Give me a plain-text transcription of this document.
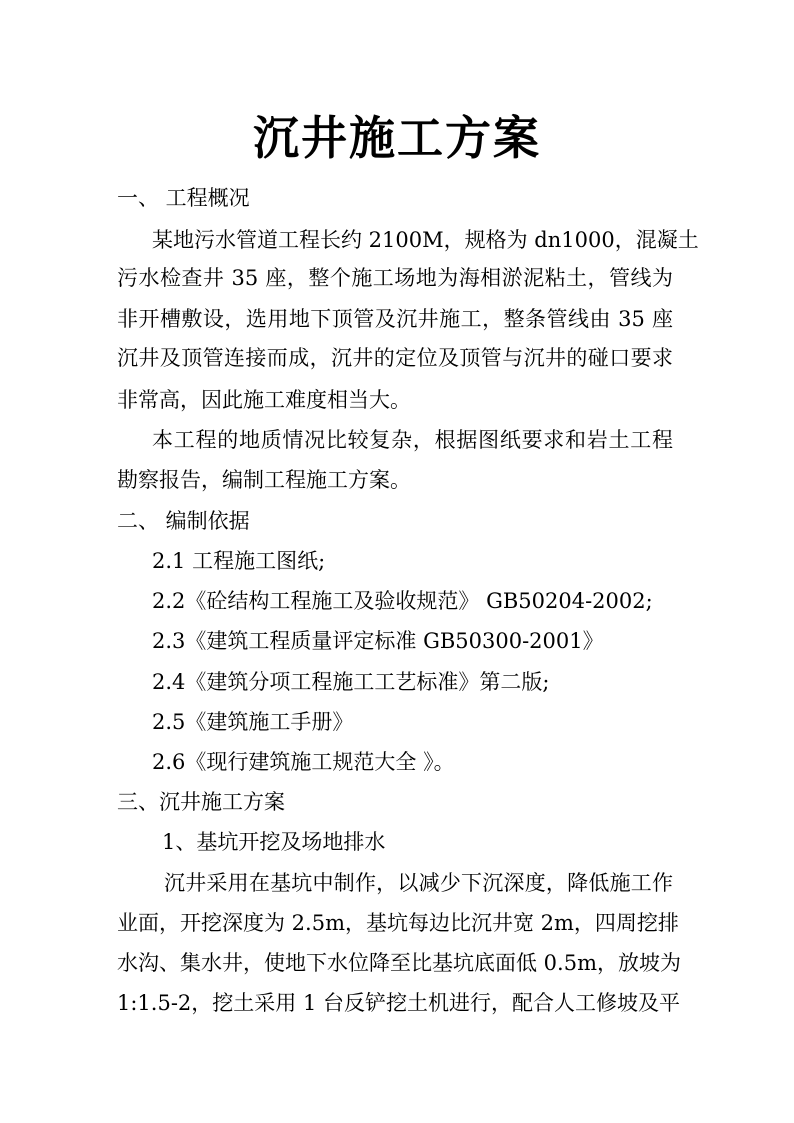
沉井施工方案
一、 工程概况
某地污水管道工程长约 2100M，规格为 dn1000，混凝土
污水检查井 35 座，整个施工场地为海相淤泥粘土，管线为
非开槽敷设，选用地下顶管及沉井施工，整条管线由 35 座
沉井及顶管连接而成，沉井的定位及顶管与沉井的碰口要求
非常高，因此施工难度相当大。
本工程的地质情况比较复杂，根据图纸要求和岩土工程
勘察报告，编制工程施工方案。
二、 编制依据
2.1 工程施工图纸;
2.2《砼结构工程施工及验收规范》 GB50204-2002;
2.3《建筑工程质量评定标准 GB50300-2001》
2.4《建筑分项工程施工工艺标准》第二版;
2.5《建筑施工手册》
2.6《现行建筑施工规范大全 》。
三、沉井施工方案
1、基坑开挖及场地排水
沉井采用在基坑中制作，以减少下沉深度，降低施工作
业面，开挖深度为 2.5m，基坑每边比沉井宽 2m，四周挖排
水沟、集水井，使地下水位降至比基坑底面低 0.5m，放坡为
1:1.5-2，挖土采用 1 台反铲挖土机进行，配合人工修坡及平
